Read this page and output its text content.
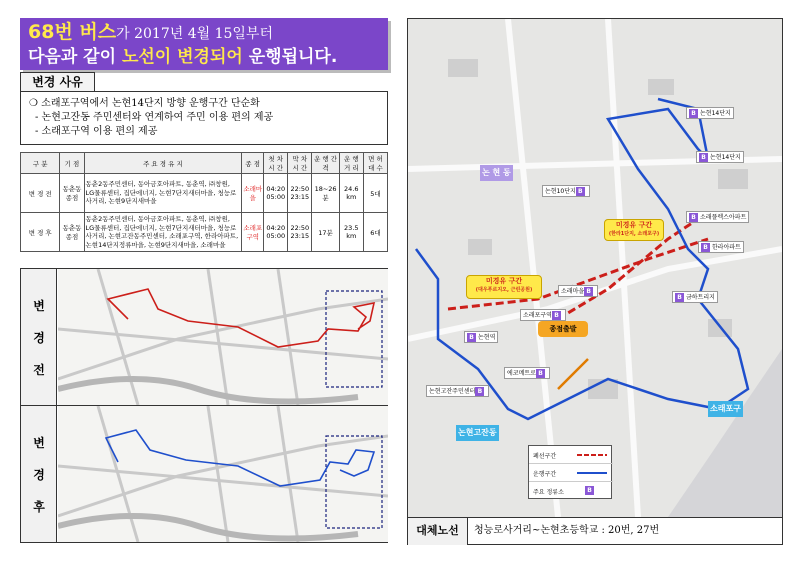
68번 버스가 2017년 4월 15일부터
다음과 같이 노선이 변경되어 운행됩니다.
변경 사유
❍ 소래포구역에서 논현14단지 방향 운행구간 단순화
- 논현고잔동 주민센터와 연계하여 주민 이용 편의 제공
- 소래포구역 이용 편의 제공
구 분	기 점	주 요 경 유 지	종 점	첫 차 시 간	막 차 시 간	운 행 간 격	운 행 거 리	면 허 대 수
변 경 전	동춘동 종점	동춘2동주민센터, 동아금호아파트, 동춘역, ㈜창원, LG물류센터, 집단에너지, 논현7단지새터마을, 청능로사거리, 논현9단지새마을	소래마을	04:20 05:00	22:50 23:15	18~26분	24.6 km	5대
변 경 후	동춘동 종점	동춘2동주민센터, 동아금호아파트, 동춘역, ㈜창원, LG물류센터, 집단에너지, 논현7단지새터마을, 청능로사거리, 논현고잔동주민센터, 소래포구역, 한라아파트, 논현14단지정류마을, 논현9단지새마을, 소래마을	소래포구역	04:20 05:00	22:50 23:15	17분	23.5 km	6대
변
경
전
변
경
후
논 현 동
소래포구
논현고잔동
미경유 구간
(대우푸르지오, 근린공원)
미경유 구간
(한라1단지, 소래포구)
종점출발
B 논현14단지
B 논현14단지
논현10단지 B
B 소래플렉스아파트
B 한라아파트
소래마을 B
소래포구역 B
B 논현역
에코메트로 B
논현고잔주민센터 B
B 금하트리지
폐선구간
운행구간
주요 정류소	B
대체노선	청능로사거리~논현초등학교 : 20번, 27번
